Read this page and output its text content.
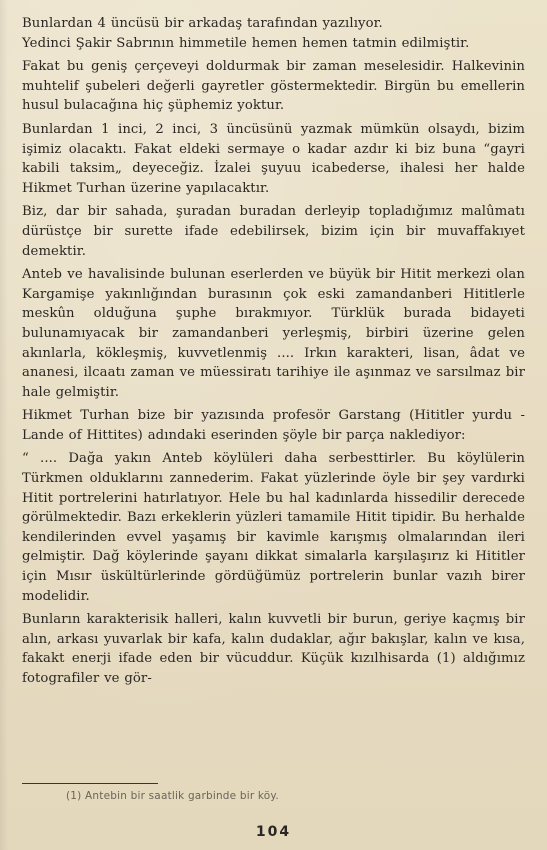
Bunlardan 4 üncüsü bir arkadaş tarafından yazılıyor.
Yedinci Şakir Sabrının himmetile hemen hemen tatmin edilmiştir.

Fakat bu geniş çerçeveyi doldurmak bir zaman meselesidir. Halkevinin muhtelif şubeleri değerli gayretler göstermektedir. Birgün bu emellerin husul bulacağına hiç şüphemiz yoktur.

Bunlardan 1 inci, 2 inci, 3 üncüsünü yazmak mümkün olsaydı, bizim işimiz olacaktı. Fakat eldeki sermaye o kadar azdır ki biz buna “gayri kabili taksim„ deyeceğiz. İzalei şuyuu icabederse, ihalesi her halde Hikmet Turhan üzerine yapılacaktır.

Biz, dar bir sahada, şuradan buradan derleyip topladığımız malûmatı dürüstçe bir surette ifade edebilirsek, bizim için bir muvaffakıyet demektir.

Anteb ve havalisinde bulunan eserlerden ve büyük bir Hitit merkezi olan Kargamişe yakınlığından burasının çok eski zamandanberi Hititlerle meskûn olduğuna şuphe bırakmıyor. Türklük burada bidayeti bulunamıyacak bir zamandanberi yerleşmiş, birbiri üzerine gelen akınlarla, kökleşmiş, kuvvetlenmiş .... Irkın karakteri, lisan, âdat ve ananesi, ilcaatı zaman ve müessiratı tarihiye ile aşınmaz ve sarsılmaz bir hale gelmiştir.

Hikmet Turhan bize bir yazısında profesör Garstang (Hititler yurdu -Lande of Hittites) adındaki eserinden şöyle bir parça naklediyor:

“ .... Dağa yakın Anteb köylüleri daha serbesttirler. Bu köylülerin Türkmen olduklarını zannederim. Fakat yüzlerinde öyle bir şey vardırki Hitit portrelerini hatırlatıyor. Hele bu hal kadınlarda hissedilir derecede görülmektedir. Bazı erkeklerin yüzleri tamamile Hitit tipidir. Bu herhalde kendilerinden evvel yaşamış bir kavimle karışmış olmalarından ileri gelmiştir. Dağ köylerinde şayanı dikkat simalarla karşılaşırız ki Hititler için Mısır üskültürlerinde gördüğümüz portrelerin bunlar vazıh birer modelidir.

Bunların karakterisik halleri, kalın kuvvetli bir burun, geriye kaçmış bir alın, arkası yuvarlak bir kafa, kalın dudaklar, ağır bakışlar, kalın ve kısa, fakakt enerji ifade eden bir vücuddur. Küçük kızılhisarda (1) aldığımız fotografiler ve gör-

(1) Antebin bir saatlik garbinde bir köy.
104
